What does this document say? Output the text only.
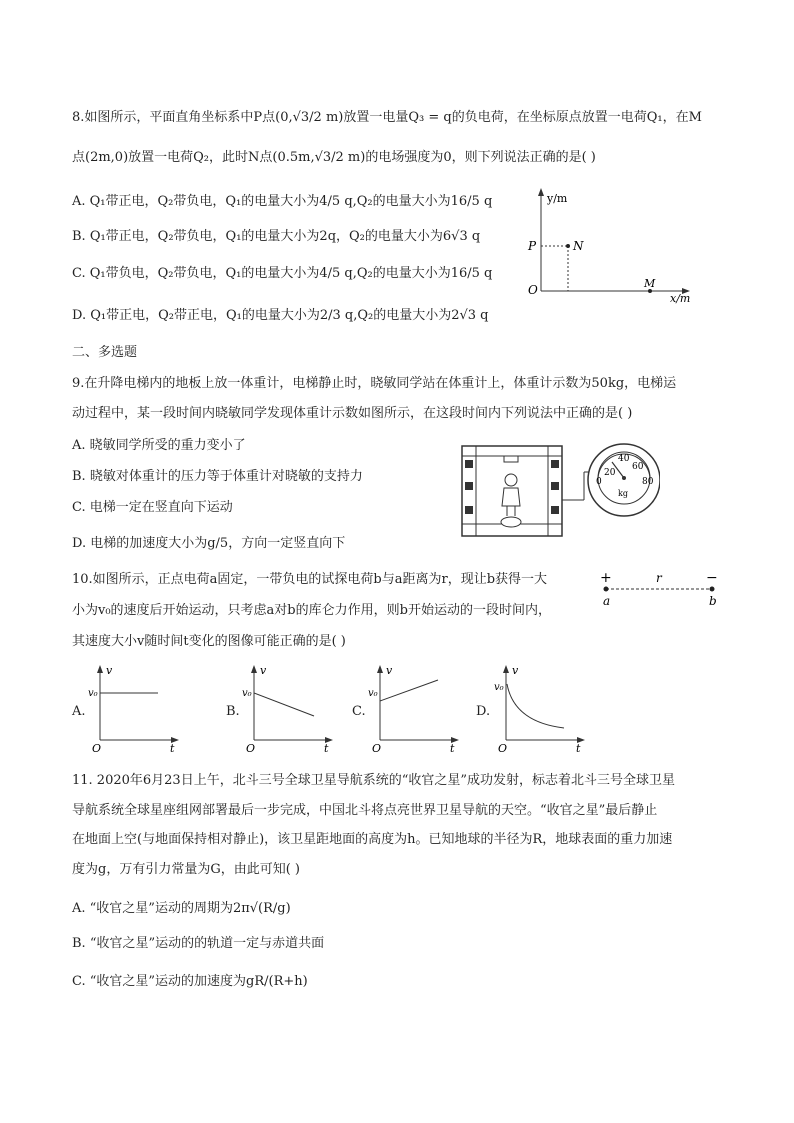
8.如图所示，平面直角坐标系中P点(0,√3/2 m)放置一电量Q₃ = q的负电荷，在坐标原点放置一电荷Q₁，在M
点(2m,0)放置一电荷Q₂，此时N点(0.5m,√3/2 m)的电场强度为0，则下列说法正确的是( )
A. Q₁带正电，Q₂带负电，Q₁的电量大小为4/5 q,Q₂的电量大小为16/5 q
B. Q₁带正电，Q₂带负电，Q₁的电量大小为2q，Q₂的电量大小为6√3 q
C. Q₁带负电，Q₂带负电，Q₁的电量大小为4/5 q,Q₂的电量大小为16/5 q
D. Q₁带正电，Q₂带正电，Q₁的电量大小为2/3 q,Q₂的电量大小为2√3 q
y/m
x/m
P	N
O	M
二、多选题
9.在升降电梯内的地板上放一体重计，电梯静止时，晓敏同学站在体重计上，体重计示数为50kg，电梯运
动过程中，某一段时间内晓敏同学发现体重计示数如图所示，在这段时间内下列说法中正确的是( )
A. 晓敏同学所受的重力变小了
B. 晓敏对体重计的压力等于体重计对晓敏的支持力
C. 电梯一定在竖直向下运动
D. 电梯的加速度大小为g/5，方向一定竖直向下
20
40
60
0	80
kg
10.如图所示，正点电荷a固定，一带负电的试探电荷b与a距离为r，现让b获得一大
小为v₀的速度后开始运动，只考虑a对b的库仑力作用，则b开始运动的一段时间内，
其速度大小v随时间t变化的图像可能正确的是( )
+	−
r
a	b
A.
v
t
O
v₀
B.
v
t
O
v₀
C.
v
t
O
v₀
D.
v
t
O
v₀
11. 2020年6月23日上午，北斗三号全球卫星导航系统的“收官之星”成功发射，标志着北斗三号全球卫星
导航系统全球星座组网部署最后一步完成，中国北斗将点亮世界卫星导航的天空。“收官之星”最后静止
在地面上空(与地面保持相对静止)，该卫星距地面的高度为h。已知地球的半径为R，地球表面的重力加速
度为g，万有引力常量为G，由此可知( )
A. “收官之星”运动的周期为2π√(R/g)
B. “收官之星”运动的的轨道一定与赤道共面
C. “收官之星”运动的加速度为gR/(R+h)
